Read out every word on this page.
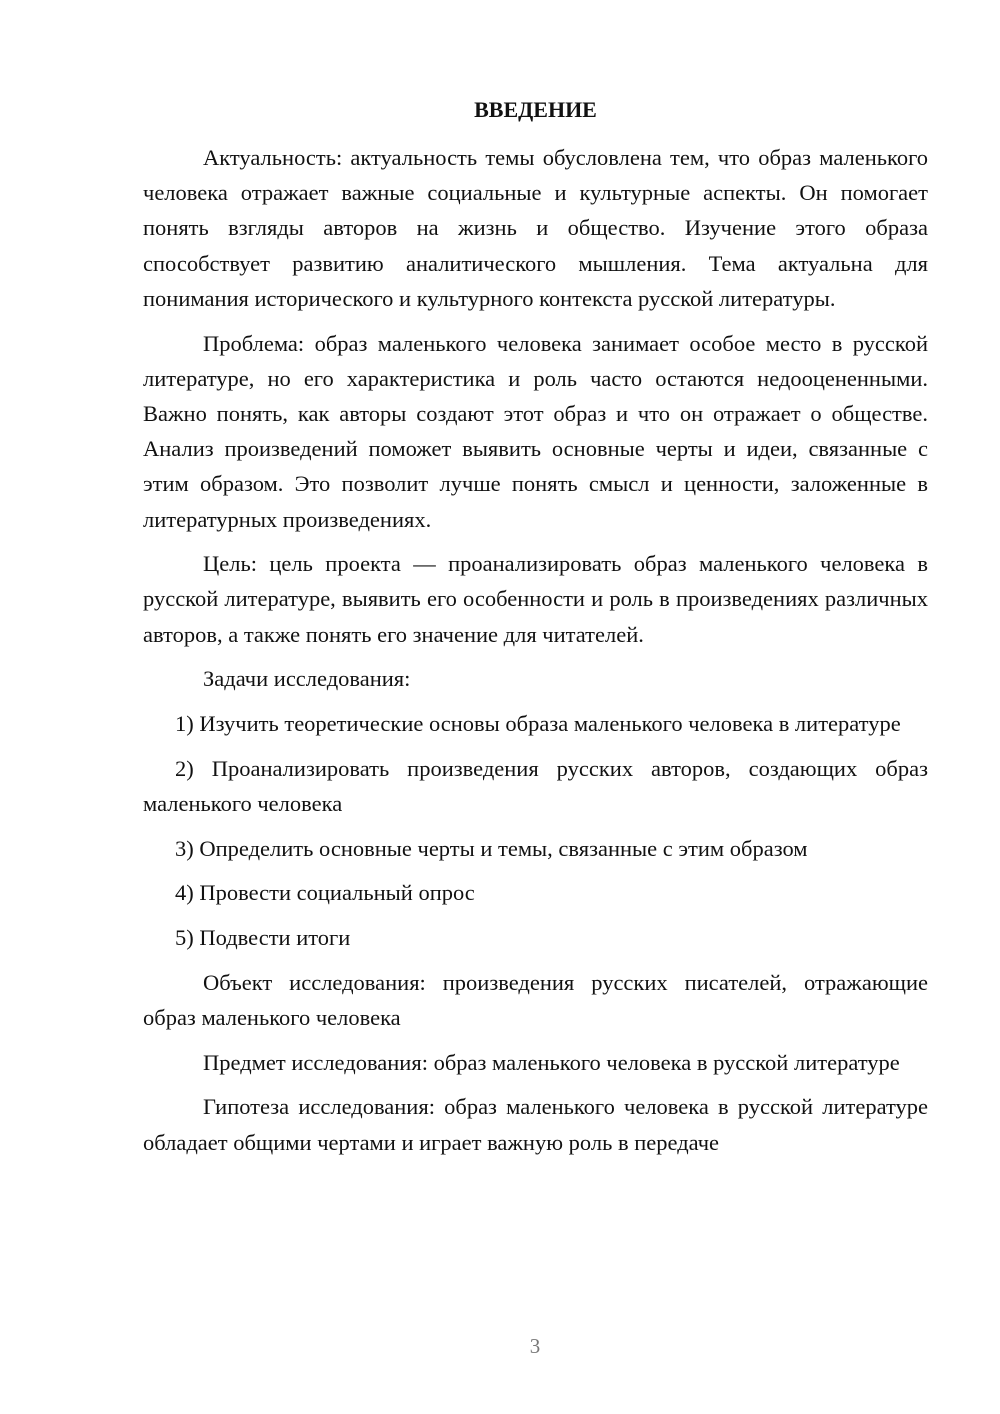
ВВЕДЕНИЕ

Актуальность: актуальность темы обусловлена тем, что образ маленького человека отражает важные социальные и культурные аспекты. Он помогает понять взгляды авторов на жизнь и общество. Изучение этого образа способствует развитию аналитического мышления. Тема актуальна для понимания исторического и культурного контекста русской литературы.

Проблема: образ маленького человека занимает особое место в русской литературе, но его характеристика и роль часто остаются недооцененными. Важно понять, как авторы создают этот образ и что он отражает о обществе. Анализ произведений поможет выявить основные черты и идеи, связанные с этим образом. Это позволит лучше понять смысл и ценности, заложенные в литературных произведениях.

Цель: цель проекта — проанализировать образ маленького человека в русской литературе, выявить его особенности и роль в произведениях различных авторов, а также понять его значение для читателей.

Задачи исследования:

1) Изучить теоретические основы образа маленького человека в литературе

2) Проанализировать произведения русских авторов, создающих образ маленького человека

3) Определить основные черты и темы, связанные с этим образом

4) Провести социальный опрос

5) Подвести итоги

Объект исследования: произведения русских писателей, отражающие образ маленького человека

Предмет исследования: образ маленького человека в русской литературе

Гипотеза исследования: образ маленького человека в русской литературе обладает общими чертами и играет важную роль в передаче

3
